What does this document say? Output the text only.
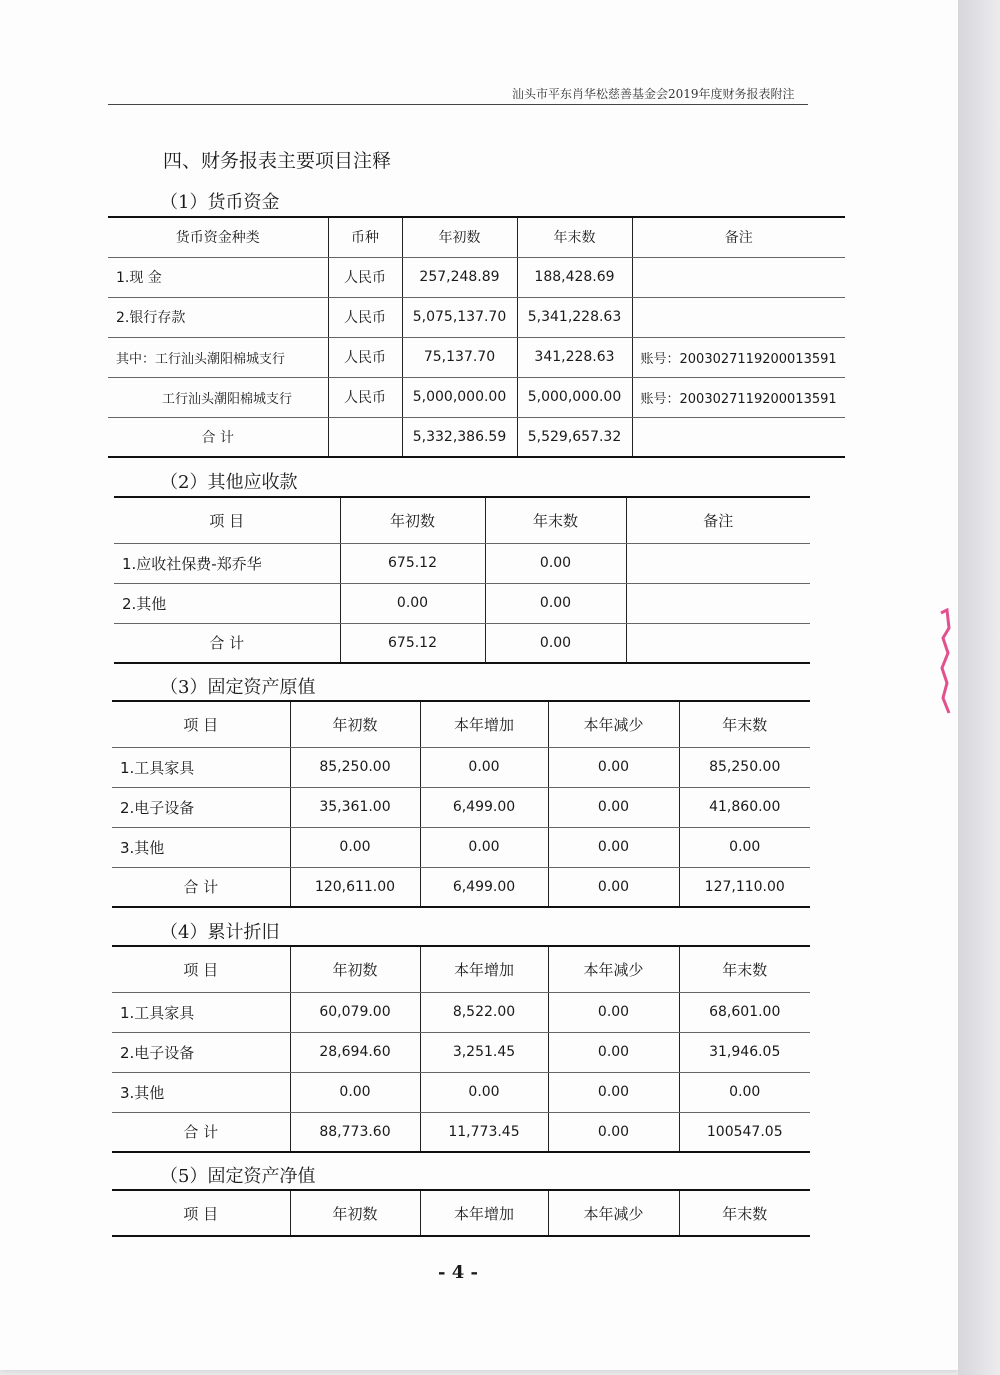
汕头市平东肖华松慈善基金会2019年度财务报表附注
四、财务报表主要项目注释
（1）货币资金
货币资金种类	币种	年初数	年末数	备注
1.现 金	人民币	257,248.89	188,428.69	
2.银行存款	人民币	5,075,137.70	5,341,228.63	
其中：工行汕头潮阳棉城支行	人民币	75,137.70	341,228.63	账号：2003027119200013591
工行汕头潮阳棉城支行	人民币	5,000,000.00	5,000,000.00	账号：2003027119200013591
合 计		5,332,386.59	5,529,657.32	
（2）其他应收款
项 目	年初数	年末数	备注
1.应收社保费-郑乔华	675.12	0.00	
2.其他	0.00	0.00	
合 计	675.12	0.00	
（3）固定资产原值
项 目	年初数	本年增加	本年减少	年末数
1.工具家具	85,250.00	0.00	0.00	85,250.00
2.电子设备	35,361.00	6,499.00	0.00	41,860.00
3.其他	0.00	0.00	0.00	0.00
合 计	120,611.00	6,499.00	0.00	127,110.00
（4）累计折旧
项 目	年初数	本年增加	本年减少	年末数
1.工具家具	60,079.00	8,522.00	0.00	68,601.00
2.电子设备	28,694.60	3,251.45	0.00	31,946.05
3.其他	0.00	0.00	0.00	0.00
合 计	88,773.60	11,773.45	0.00	100547.05
（5）固定资产净值
项 目	年初数	本年增加	本年减少	年末数
- 4 -
